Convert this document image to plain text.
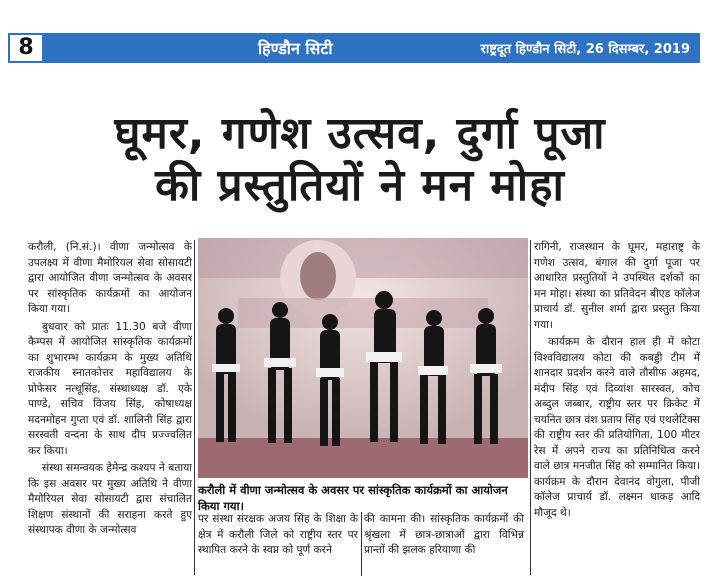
8	हिण्डौन सिटी	राष्ट्रदूत हिण्डौन सिटी, 26 दिसम्बर, 2019
घूमर, गणेश उत्सव, दुर्गा पूजा
की प्रस्तुतियों ने मन मोहा

करौली, (नि.सं.)। वीणा जन्मोत्सव के उपलक्ष्य में वीणा मैमोरियल सेवा सोसायटी द्वारा आयोजित वीणा जन्मोत्सव के अवसर पर सांस्कृतिक कार्यक्रमों का आयोजन किया गया।

बुधवार को प्रातः 11.30 बजे वीणा कैम्पस में आयोजित सांस्कृतिक कार्यक्रमों का शुभारम्भ कार्यक्रम के मुख्य अतिथि राजकीय स्नातकोत्तर महाविद्यालय के प्रोफेसर नत्थूसिंह, संस्थाध्यक्ष डॉ. एके पाण्डे, सचिव विजय सिंह, कोषाध्यक्ष मदनमोहन गुप्ता एवं डॉ. शालिनी सिंह द्वारा सरस्वती वन्दना के साथ दीप प्रज्ज्वलित कर किया।

संस्था समन्वयक हेमेन्द्र कश्यप ने बताया कि इस अवसर पर मुख्य अतिथि ने वीणा मैमोरियल सेवा सोसायटी द्वारा संचालित शिक्षण संस्थानों की सराहना करते हुए संस्थापक वीणा के जन्मोत्सव

करौली में वीणा जन्मोत्सव के अवसर पर सांस्कृतिक कार्यक्रमों का आयोजन किया गया।
पर संस्था संरक्षक अजय सिंह के शिक्षा के क्षेत्र में करौली जिले को राष्ट्रीय स्तर पर स्थापित करने के स्वप्न को पूर्ण करने
की कामना की। सांस्कृतिक कार्यक्रमों की श्रृंखला में छात्र-छात्राओं द्वारा विभिन्न प्रान्तों की झलक हरियाणा की

रागिनी, राजस्थान के घूमर, महाराष्ट्र के गणेश उत्सव, बंगाल की दुर्गा पूजा पर आधारित प्रस्तुतियों ने उपस्थित दर्शकों का मन मोहा। संस्था का प्रतिवेदन बीएड कॉलेज प्राचार्य डॉ. सुनील शर्मा द्वारा प्रस्तुत किया गया।

कार्यक्रम के दौरान हाल ही में कोटा विश्वविद्यालय कोटा की कबड्डी टीम में शानदार प्रदर्शन करने वाले तौसीफ अहमद, मंदीप सिंह एवं दिव्यांश सारस्वत, कोच अब्दुल जब्बार, राष्ट्रीय स्तर पर क्रिकेट में चयनित छात्र वंश प्रताप सिंह एवं एथलेटिक्स की राष्ट्रीय स्तर की प्रतियोगिता, 100 मीटर रेस में अपने राज्य का प्रतिनिधित्व करने वाले छात्र मनजीत सिंह को सम्मानित किया। कार्यक्रम के दौरान देवानंद वोगुला, पीजी कॉलेज प्राचार्य डॉ. लक्ष्मन धाकड़ आदि मौजूद थे।
